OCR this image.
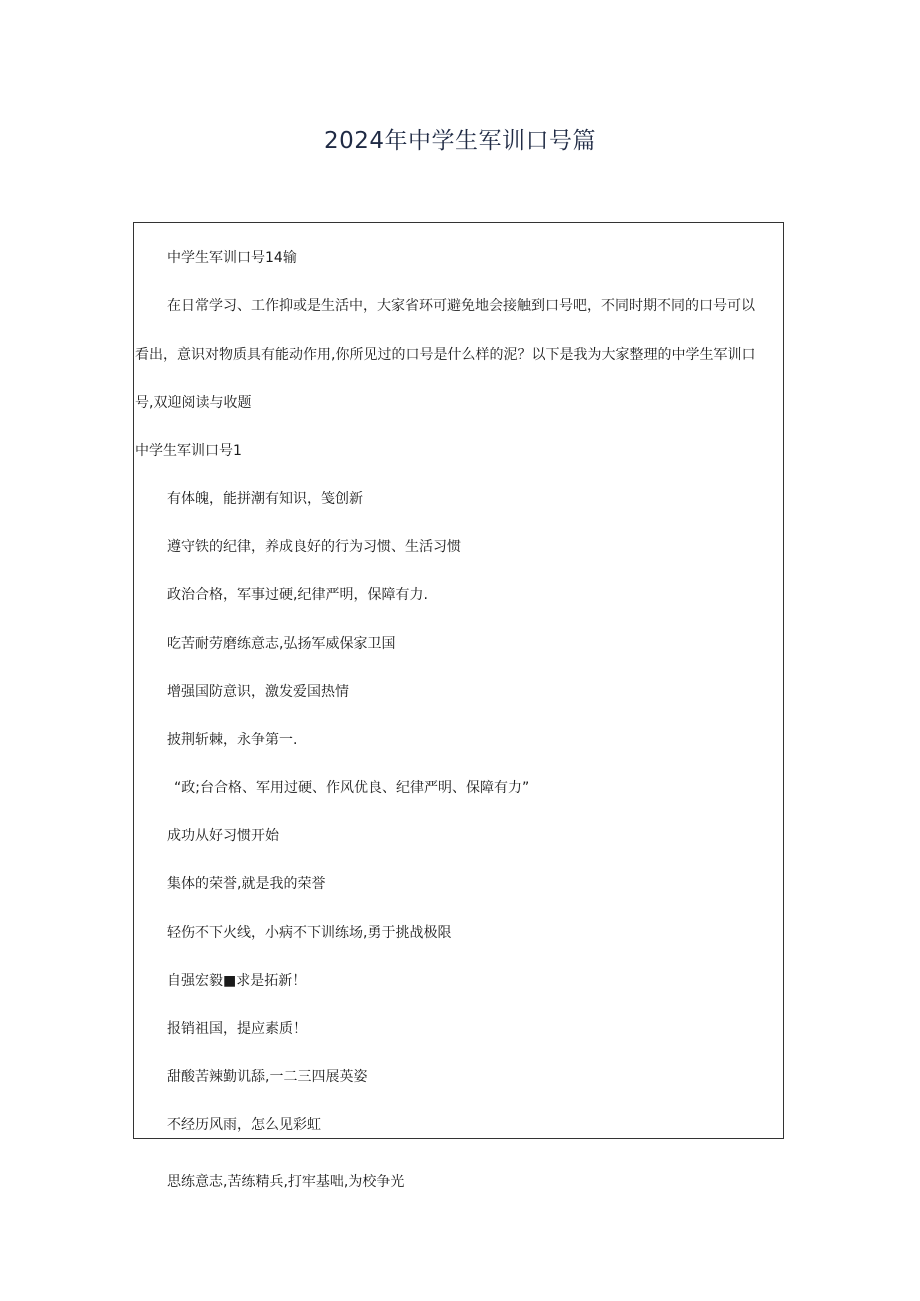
2024年中学生军训口号篇
中学生军训口号14输
在日常学习、工作抑或是生活中，大家省环可避免地会接触到口号吧，不同时期不同的口号可以
看出，意识对物质具有能动作用,你所见过的口号是什么样的泥？以下是我为大家整理的中学生军训口
号,双迎阅读与收题
中学生军训口号1
有体魄，能拼潮有知识，笺创新
遵守铁的纪律，养成良好的行为习惯、生活习惯
政治合格，军事过硬,纪律严明，保障有力.
吃苦耐劳磨练意志,弘扬军威保家卫国
增强国防意识，激发爱国热情
披荆斩棘，永争第一.
“政;台合格、军用过硬、作风优良、纪律严明、保障有力”
成功从好习惯开始
集体的荣誉,就是我的荣誉
轻伤不下火线，小病不下训练场,勇于挑战极限
自强宏毅■求是拓新！
报销祖国，提应素质！
甜酸苦辣勤讥舔,一二三四展英姿
不经历风雨，怎么见彩虹
思练意志,苦练精兵,打牢基咄,为校争光
